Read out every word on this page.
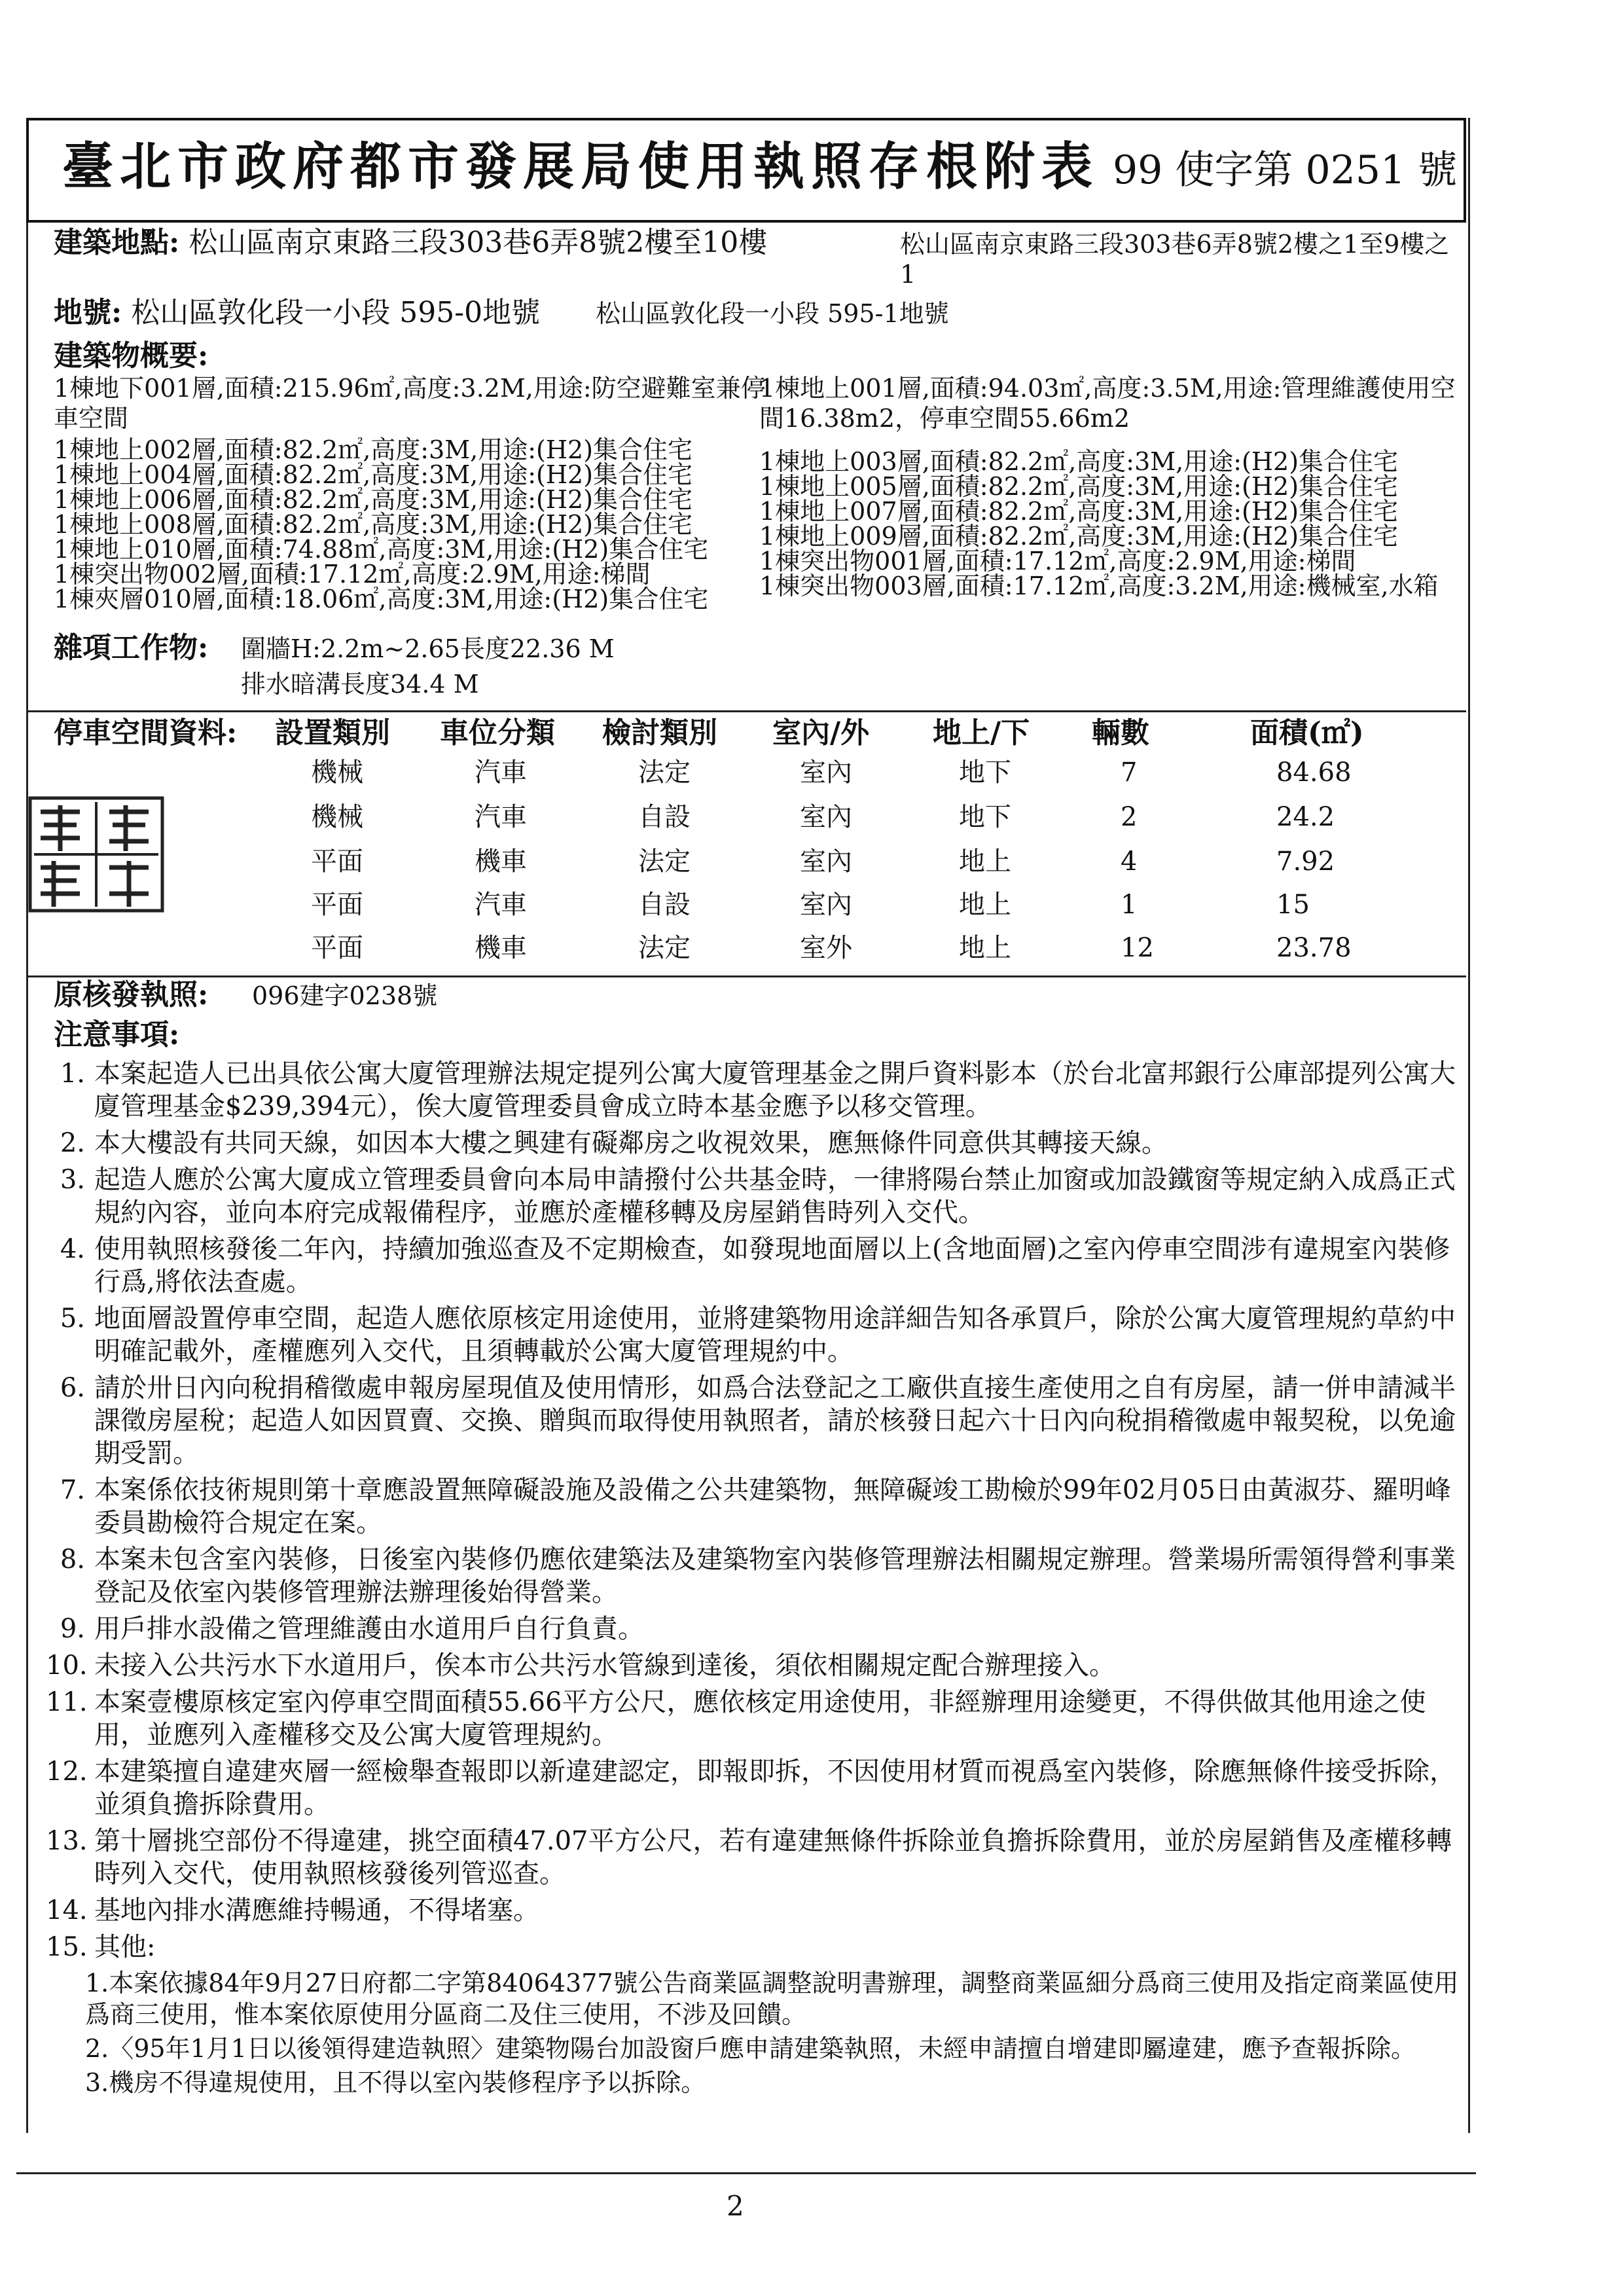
臺北市政府都市發展局使用執照存根附表 99 使字第 0251 號
建築地點: 松山區南京東路三段303巷6弄8號2樓至10樓	松山區南京東路三段303巷6弄8號2樓之1至9樓之
1
地號: 松山區敦化段一小段 595-0地號 松山區敦化段一小段 595-1地號
建築物概要:
1棟地下001層,面積:215.96㎡,高度:3.2M,用途:防空避難室兼停
車空間
1棟地上001層,面積:94.03㎡,高度:3.5M,用途:管理維護使用空
間16.38m2，停車空間55.66m2
1棟地上002層,面積:82.2㎡,高度:3M,用途:(H2)集合住宅
1棟地上004層,面積:82.2㎡,高度:3M,用途:(H2)集合住宅
1棟地上006層,面積:82.2㎡,高度:3M,用途:(H2)集合住宅
1棟地上008層,面積:82.2㎡,高度:3M,用途:(H2)集合住宅
1棟地上010層,面積:74.88㎡,高度:3M,用途:(H2)集合住宅
1棟突出物002層,面積:17.12㎡,高度:2.9M,用途:梯間
1棟夾層010層,面積:18.06㎡,高度:3M,用途:(H2)集合住宅
1棟地上003層,面積:82.2㎡,高度:3M,用途:(H2)集合住宅
1棟地上005層,面積:82.2㎡,高度:3M,用途:(H2)集合住宅
1棟地上007層,面積:82.2㎡,高度:3M,用途:(H2)集合住宅
1棟地上009層,面積:82.2㎡,高度:3M,用途:(H2)集合住宅
1棟突出物001層,面積:17.12㎡,高度:2.9M,用途:梯間
1棟突出物003層,面積:17.12㎡,高度:3.2M,用途:機械室,水箱
雜項工作物: 圍牆H:2.2m~2.65長度22.36 M
排水暗溝長度34.4 M
停車空間資料: 設置類別 車位分類 檢討類別 室內/外 地上/下 輛數	面積(㎡)
機械	汽車	法定	室內	地下	7	84.68
機械	汽車	自設	室內	地下	2	24.2
平面	機車	法定	室內	地上	4	7.92
平面	汽車	自設	室內	地上	1	15
平面	機車	法定	室外	地上	12	23.78
原核發執照: 096建字0238號
注意事項:
1. 本案起造人已出具依公寓大廈管理辦法規定提列公寓大廈管理基金之開戶資料影本（於台北富邦銀行公庫部提列公寓大廈管理基金$239,394元），俟大廈管理委員會成立時本基金應予以移交管理。
2. 本大樓設有共同天線，如因本大樓之興建有礙鄰房之收視效果，應無條件同意供其轉接天線。
3. 起造人應於公寓大廈成立管理委員會向本局申請撥付公共基金時，一律將陽台禁止加窗或加設鐵窗等規定納入成爲正式規約內容，並向本府完成報備程序，並應於產權移轉及房屋銷售時列入交代。
4. 使用執照核發後二年內，持續加強巡查及不定期檢查，如發現地面層以上(含地面層)之室內停車空間涉有違規室內裝修行爲,將依法查處。
5. 地面層設置停車空間，起造人應依原核定用途使用，並將建築物用途詳細告知各承買戶，除於公寓大廈管理規約草約中明確記載外，產權應列入交代，且須轉載於公寓大廈管理規約中。
6. 請於卅日內向稅捐稽徵處申報房屋現值及使用情形，如爲合法登記之工廠供直接生產使用之自有房屋，請一併申請減半課徵房屋稅；起造人如因買賣、交換、贈與而取得使用執照者，請於核發日起六十日內向稅捐稽徵處申報契稅，以免逾期受罰。
7. 本案係依技術規則第十章應設置無障礙設施及設備之公共建築物，無障礙竣工勘檢於99年02月05日由黃淑芬、羅明峰委員勘檢符合規定在案。
8. 本案未包含室內裝修，日後室內裝修仍應依建築法及建築物室內裝修管理辦法相關規定辦理。營業場所需領得營利事業登記及依室內裝修管理辦法辦理後始得營業。
9. 用戶排水設備之管理維護由水道用戶自行負責。
10. 未接入公共污水下水道用戶，俟本市公共污水管線到達後，須依相關規定配合辦理接入。
11. 本案壹樓原核定室內停車空間面積55.66平方公尺，應依核定用途使用，非經辦理用途變更，不得供做其他用途之使用，並應列入產權移交及公寓大廈管理規約。
12. 本建築擅自違建夾層一經檢舉查報即以新違建認定，即報即拆，不因使用材質而視爲室內裝修，除應無條件接受拆除，並須負擔拆除費用。
13. 第十層挑空部份不得違建，挑空面積47.07平方公尺，若有違建無條件拆除並負擔拆除費用，並於房屋銷售及產權移轉時列入交代，使用執照核發後列管巡查。
14. 基地內排水溝應維持暢通，不得堵塞。
15. 其他:
1.本案依據84年9月27日府都二字第84064377號公告商業區調整說明書辦理，調整商業區細分爲商三使用及指定商業區使用爲商三使用，惟本案依原使用分區商二及住三使用，不涉及回饋。
2.〈95年1月1日以後領得建造執照〉建築物陽台加設窗戶應申請建築執照，未經申請擅自增建即屬違建，應予查報拆除。
3.機房不得違規使用，且不得以室內裝修程序予以拆除。
2
